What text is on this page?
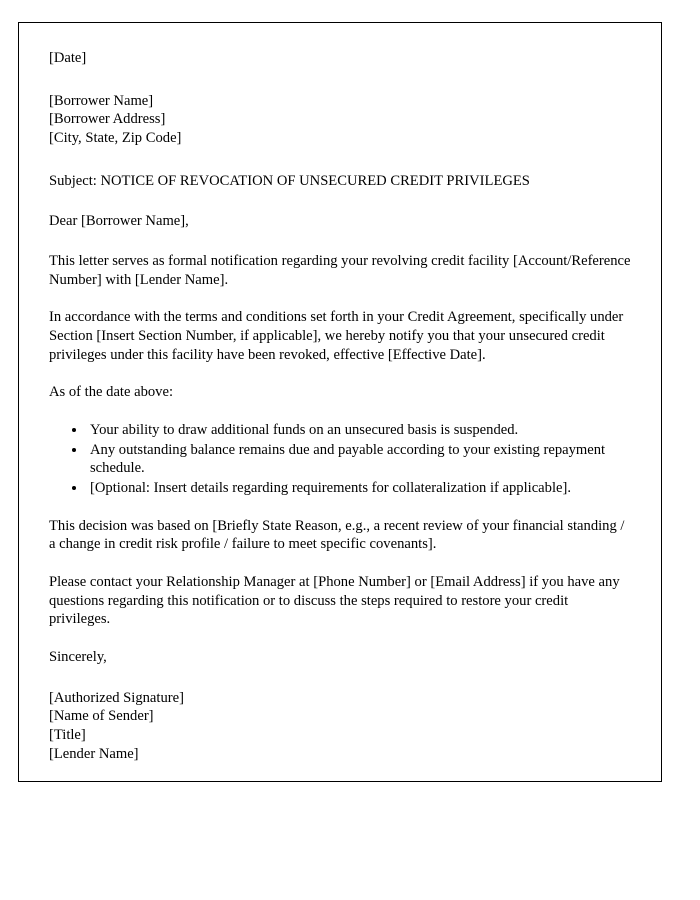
[Date]
[Borrower Name]
[Borrower Address]
[City, State, Zip Code]

Subject: NOTICE OF REVOCATION OF UNSECURED CREDIT PRIVILEGES

Dear [Borrower Name],

This letter serves as formal notification regarding your revolving credit facility [Account/Reference Number] with [Lender Name].

In accordance with the terms and conditions set forth in your Credit Agreement, specifically under Section [Insert Section Number, if applicable], we hereby notify you that your unsecured credit privileges under this facility have been revoked, effective [Effective Date].

As of the date above:

• Your ability to draw additional funds on an unsecured basis is suspended.
• Any outstanding balance remains due and payable according to your existing repayment schedule.
• [Optional: Insert details regarding requirements for collateralization if applicable].

This decision was based on [Briefly State Reason, e.g., a recent review of your financial standing / a change in credit risk profile / failure to meet specific covenants].

Please contact your Relationship Manager at [Phone Number] or [Email Address] if you have any questions regarding this notification or to discuss the steps required to restore your credit privileges.

Sincerely,

[Authorized Signature]
[Name of Sender]
[Title]
[Lender Name]
